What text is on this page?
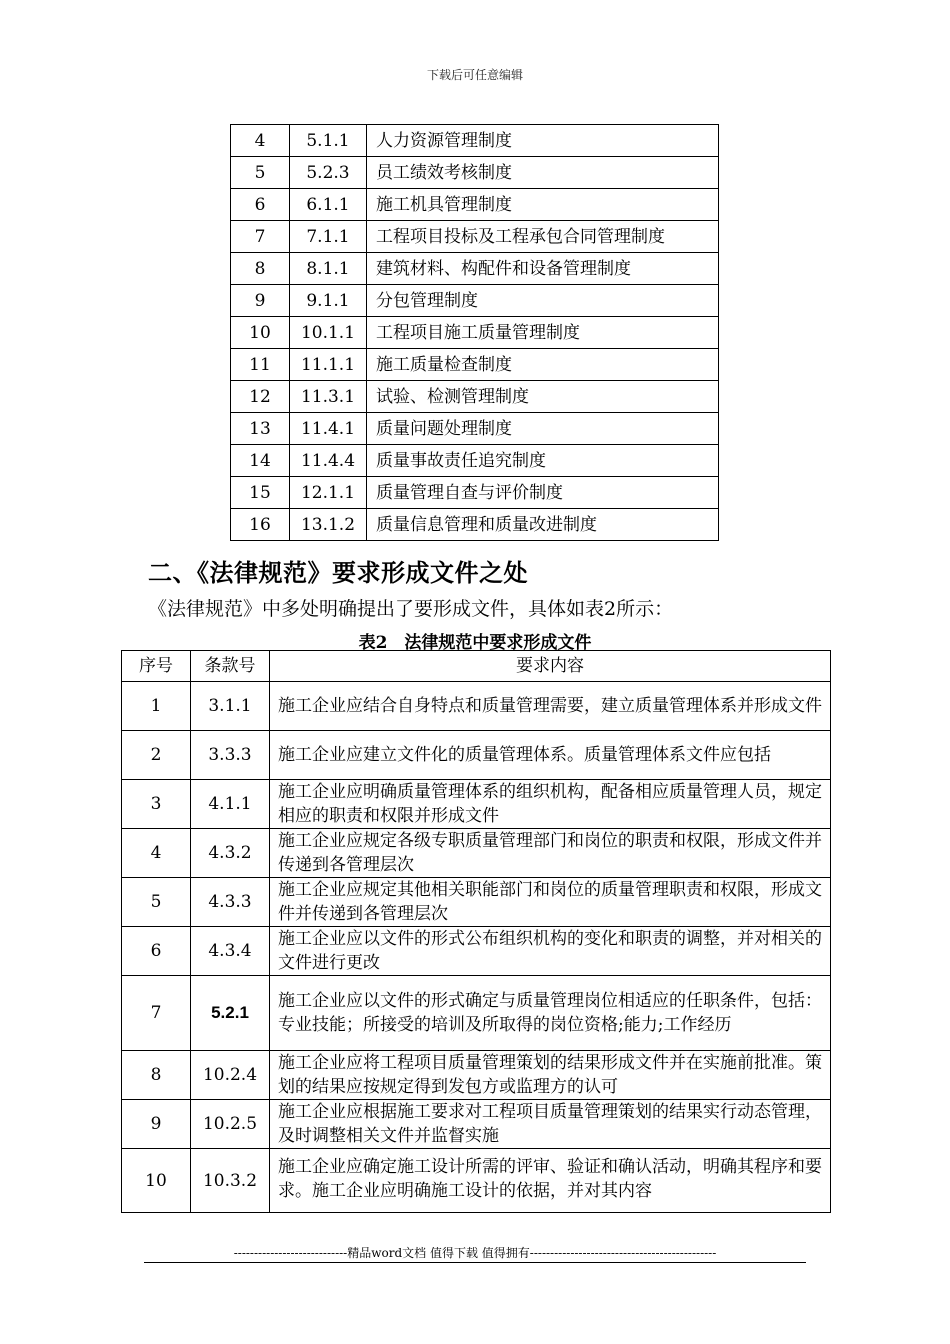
下载后可任意编辑
4	5.1.1	人力资源管理制度
5	5.2.3	员工绩效考核制度
6	6.1.1	施工机具管理制度
7	7.1.1	工程项目投标及工程承包合同管理制度
8	8.1.1	建筑材料、构配件和设备管理制度
9	9.1.1	分包管理制度
10	10.1.1	工程项目施工质量管理制度
11	11.1.1	施工质量检查制度
12	11.3.1	试验、检测管理制度
13	11.4.1	质量问题处理制度
14	11.4.4	质量事故责任追究制度
15	12.1.1	质量管理自查与评价制度
16	13.1.2	质量信息管理和质量改进制度
二、《法律规范》要求形成文件之处
《法律规范》中多处明确提出了要形成文件，具体如表2所示：
表2　法律规范中要求形成文件
序号	条款号	要求内容
1	3.1.1	施工企业应结合自身特点和质量管理需要，建立质量管理体系并形成文件
2	3.3.3	施工企业应建立文件化的质量管理体系。质量管理体系文件应包括
3	4.1.1	施工企业应明确质量管理体系的组织机构，配备相应质量管理人员，规定相应的职责和权限并形成文件
4	4.3.2	施工企业应规定各级专职质量管理部门和岗位的职责和权限，形成文件并传递到各管理层次
5	4.3.3	施工企业应规定其他相关职能部门和岗位的质量管理职责和权限，形成文件并传递到各管理层次
6	4.3.4	施工企业应以文件的形式公布组织机构的变化和职责的调整，并对相关的文件进行更改
7	5.2.1	施工企业应以文件的形式确定与质量管理岗位相适应的任职条件，包括：专业技能；所接受的培训及所取得的岗位资格;能力;工作经历
8	10.2.4	施工企业应将工程项目质量管理策划的结果形成文件并在实施前批准。策划的结果应按规定得到发包方或监理方的认可
9	10.2.5	施工企业应根据施工要求对工程项目质量管理策划的结果实行动态管理，及时调整相关文件并监督实施
10	10.3.2	施工企业应确定施工设计所需的评审、验证和确认活动，明确其程序和要求。施工企业应明确施工设计的依据，并对其内容
----------------------------精品word文档 值得下载 值得拥有----------------------------------------------
